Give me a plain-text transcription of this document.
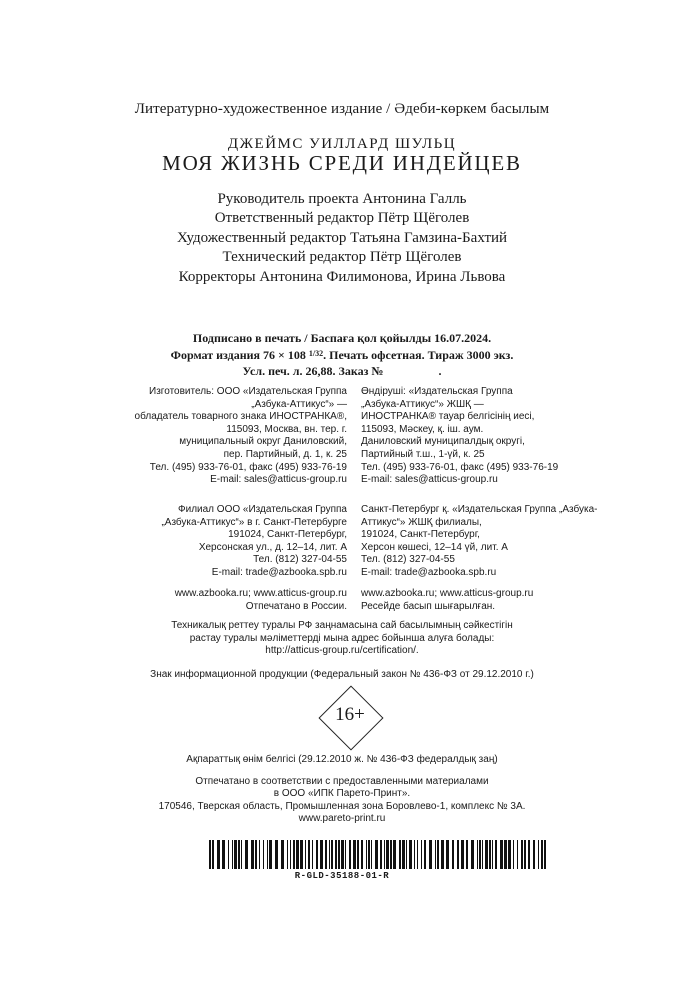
Литературно-художественное издание / Әдеби-көркем басылым
ДЖЕЙМС УИЛЛАРД ШУЛЬЦ
МОЯ ЖИЗНЬ СРЕДИ ИНДЕЙЦЕВ
Руководитель проекта Антонина Галль
Ответственный редактор Пётр Щёголев
Художественный редактор Татьяна Гамзина-Бахтий
Технический редактор Пётр Щёголев
Корректоры Антонина Филимонова, Ирина Львова
Подписано в печать / Баспаға қол қойылды 16.07.2024.
Формат издания 76 × 108 $^{1/32}$. Печать офсетная. Тираж 3000 экз.
Усл. печ. л. 26,88. Заказ №	.
Изготовитель: ООО «Издательская Группа
„Азбука-Аттикус“» —
обладатель товарного знака ИНОСТРАНКА®,
115093, Москва, вн. тер. г.
муниципальный округ Даниловский,
пер. Партийный, д. 1, к. 25
Тел. (495) 933-76-01, факс (495) 933-76-19
E-mail: sales@atticus-group.ru
Өндіруші: «Издательская Группа
„Азбука-Аттикус“» ЖШҚ —
ИНОСТРАНКА® тауар белгісінің иесі,
115093, Мәскеу, қ. іш. аум.
Даниловский муниципалдық округі,
Партийный т.ш., 1-үй, к. 25
Тел. (495) 933-76-01, факс (495) 933-76-19
E-mail: sales@atticus-group.ru
Филиал ООО «Издательская Группа
„Азбука-Аттикус“» в г. Санкт-Петербурге
191024, Санкт-Петербург,
Херсонская ул., д. 12–14, лит. А
Тел. (812) 327-04-55
E-mail: trade@azbooka.spb.ru
Санкт-Петербург қ. «Издательская Группа „Азбука-
Аттикус“» ЖШҚ филиалы,
191024, Санкт-Петербург,
Херсон көшесі, 12–14 үй, лит. А
Тел. (812) 327-04-55
E-mail: trade@azbooka.spb.ru
www.azbooka.ru; www.atticus-group.ru
Отпечатано в России.
www.azbooka.ru; www.atticus-group.ru
Ресейде басып шығарылған.
Техникалық реттеу туралы РФ заңнамасына сай басылымның сәйкестігін
растау туралы мәліметтерді мына адрес бойынша алуға болады:
http://atticus-group.ru/certification/.
Знак информационной продукции (Федеральный закон № 436-ФЗ от 29.12.2010 г.)
16+
Ақпараттық өнім белгісі (29.12.2010 ж. № 436-ФЗ федералдық заң)
Отпечатано в соответствии с предоставленными материалами
в ООО «ИПК Парето-Принт».
170546, Тверская область, Промышленная зона Боровлево-1, комплекс № 3А.
www.pareto-print.ru
R-GLD-35188-01-R
